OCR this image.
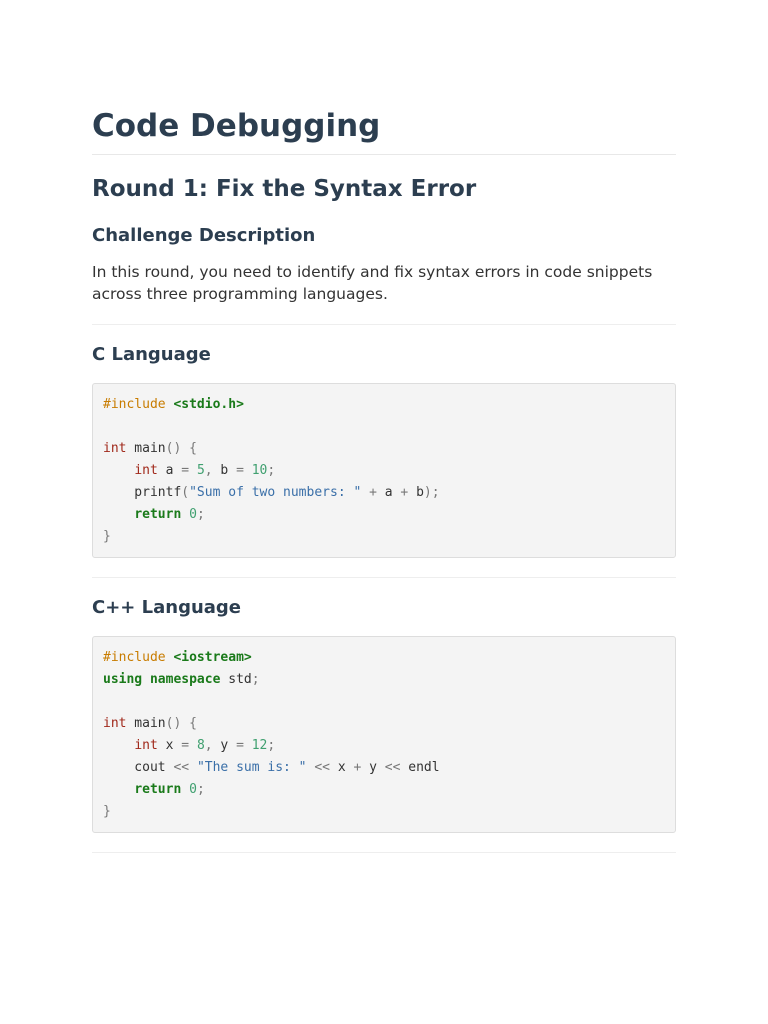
Code Debugging
Round 1: Fix the Syntax Error
Challenge Description

In this round, you need to identify and fix syntax errors in code snippets across three programming languages.

C Language
#include <stdio.h>

int main() {
int a = 5, b = 10;
printf("Sum of two numbers: " + a + b);
return 0;
}
C++ Language
#include <iostream>
using namespace std;

int main() {
int x = 8, y = 12;
cout << "The sum is: " << x + y << endl
return 0;
}
